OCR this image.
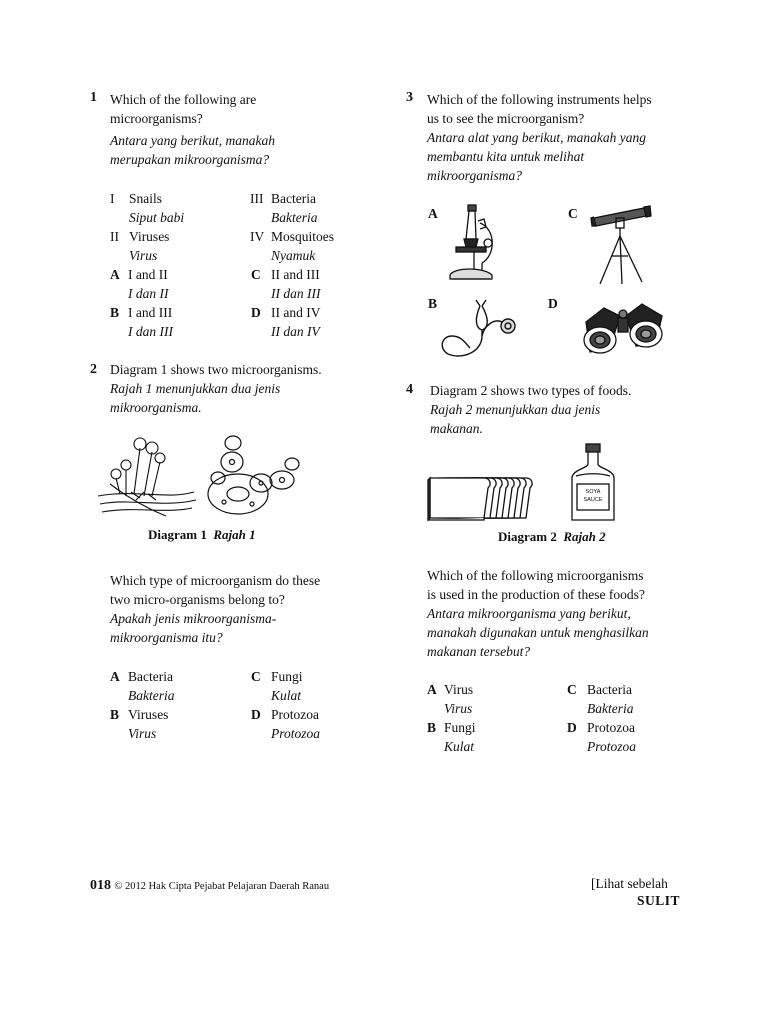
1 Which of the following are
microorganisms?
Antara yang berikut, manakah
merupakan mikroorganisma?
I Snails
Siput babi
II Viruses
Virus
III Bacteria
Bakteria
IV Mosquitoes
Nyamuk
A I and II
I dan II
B I and III
I dan III
C II and III
II dan III
D II and IV
II dan IV
2 Diagram 1 shows two microorganisms.
Rajah 1 menunjukkan dua jenis
mikroorganisma.
Diagram 1 Rajah 1
Which type of microorganism do these
two micro-organisms belong to?
Apakah jenis mikroorganisma-
mikroorganisma itu?
A Bacteria
Bakteria
B Viruses
Virus
C Fungi
Kulat
D Protozoa
Protozoa
3 Which of the following instruments helps
us to see the microorganism?
Antara alat yang berikut, manakah yang
membantu kita untuk melihat
mikroorganisma?
A	C
B	D
4 Diagram 2 shows two types of foods.
Rajah 2 menunjukkan dua jenis
makanan.
SOYA
SAUCE
Diagram 2 Rajah 2
Which of the following microorganisms
is used in the production of these foods?
Antara mikroorganisma yang berikut,
manakah digunakan untuk menghasilkan
makanan tersebut?
A Virus
Virus
B Fungi
Kulat
C Bacteria
Bakteria
D Protozoa
Protozoa
018 © 2012 Hak Cipta Pejabat Pelajaran Daerah Ranau	[Lihat sebelah
SULIT
